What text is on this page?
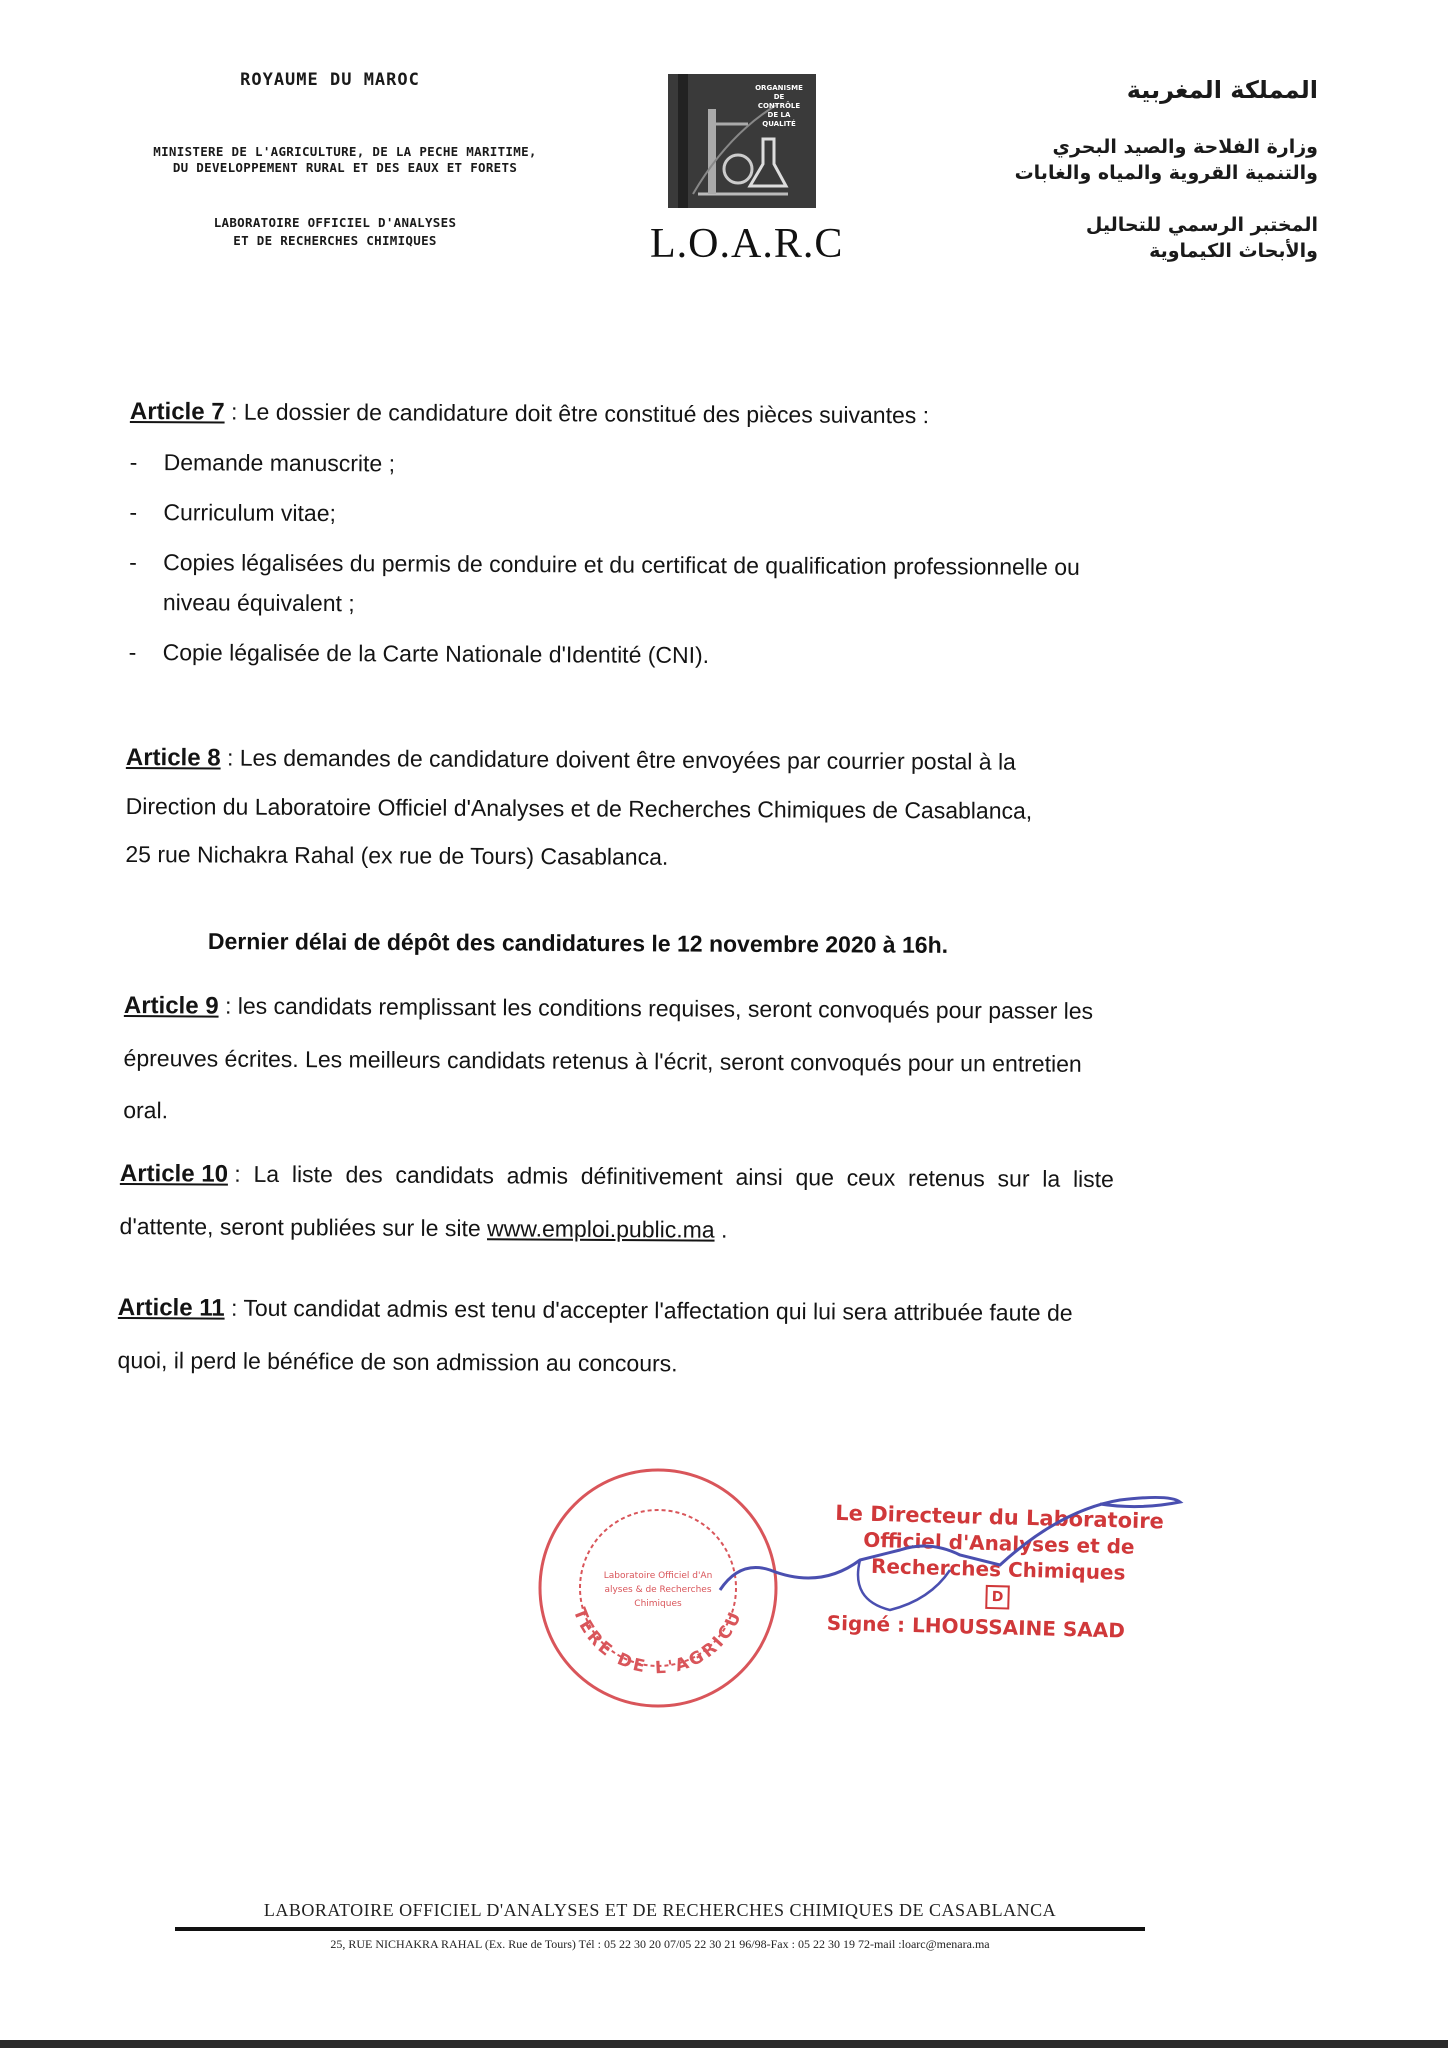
ROYAUME DU MAROC
MINISTERE DE L'AGRICULTURE, DE LA PECHE MARITIME,
DU DEVELOPPEMENT RURAL ET DES EAUX ET FORETS
LABORATOIRE OFFICIEL D'ANALYSES
ET DE RECHERCHES CHIMIQUES
ORGANISME
DE
CONTRÔLE
DE LA
QUALITÉ
L.O.A.R.C
المملكة المغربية
وزارة الفلاحة والصيد البحري
والتنمية القروية والمياه والغابات
المختبر الرسمي للتحاليل
والأبحاث الكيماوية
Article 7 : Le dossier de candidature doit être constitué des pièces suivantes :
- Demande manuscrite ;
- Curriculum vitae;
- Copies légalisées du permis de conduire et du certificat de qualification professionnelle ou
niveau équivalent ;
- Copie légalisée de la Carte Nationale d'Identité (CNI).
Article 8 : Les demandes de candidature doivent être envoyées par courrier postal à la
Direction du Laboratoire Officiel d'Analyses et de Recherches Chimiques de Casablanca,
25 rue Nichakra Rahal (ex rue de Tours) Casablanca.
Dernier délai de dépôt des candidatures le 12 novembre 2020 à 16h.
Article 9 : les candidats remplissant les conditions requises, seront convoqués pour passer les
épreuves écrites. Les meilleurs candidats retenus à l'écrit, seront convoqués pour un entretien
oral.
Article 10 :  La  liste  des  candidats  admis  définitivement  ainsi  que  ceux  retenus  sur  la  liste
d'attente, seront publiées sur le site www.emploi.public.ma .
Article 11 : Tout candidat admis est tenu d'accepter l'affectation qui lui sera attribuée faute de
quoi, il perd le bénéfice de son admission au concours.
TERE DE L'AGRICU
Laboratoire Officiel d'An
alyses & de Recherches
Chimiques
Le Directeur du Laboratoire
Officiel d'Analyses et de
Recherches Chimiques
D
Signé : LHOUSSAINE SAAD
LABORATOIRE OFFICIEL D'ANALYSES ET DE RECHERCHES CHIMIQUES DE CASABLANCA
25, RUE NICHAKRA RAHAL (Ex. Rue de Tours) Tél : 05 22 30 20 07/05 22 30 21 96/98-Fax : 05 22 30 19 72-mail :loarc@menara.ma
